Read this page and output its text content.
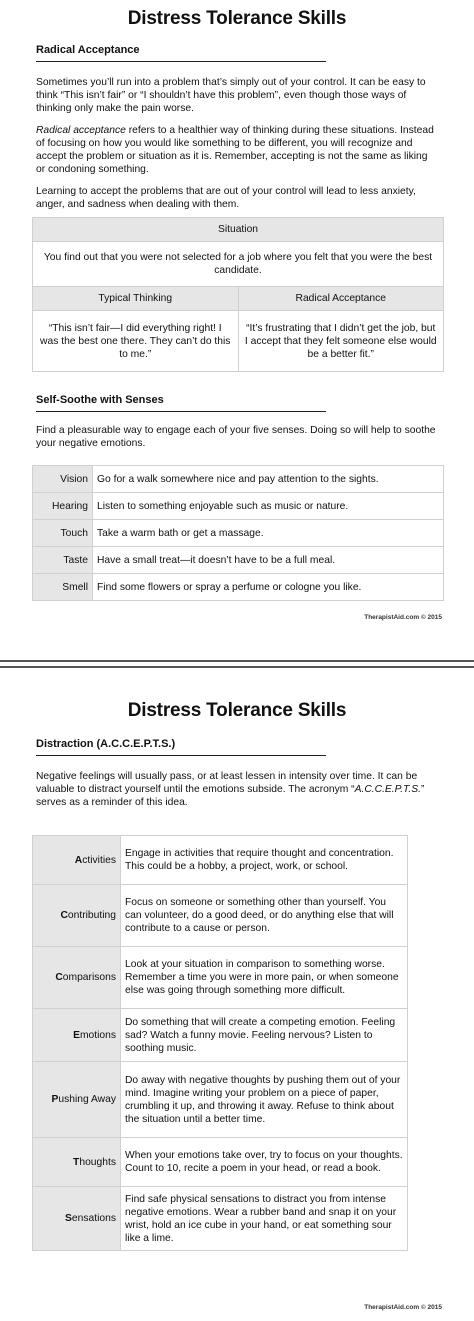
Distress Tolerance Skills
Radical Acceptance

Sometimes you’ll run into a problem that’s simply out of your control. It can be easy to think “This isn’t fair” or “I shouldn’t have this problem”, even though those ways of thinking only make the pain worse.

Radical acceptance refers to a healthier way of thinking during these situations. Instead of focusing on how you would like something to be different, you will recognize and accept the problem or situation as it is. Remember, accepting is not the same as liking or condoning something.

Learning to accept the problems that are out of your control will lead to less anxiety, anger, and sadness when dealing with them.

Situation	
You find out that you were not selected for a job where you felt that you were the best candidate.	
Typical Thinking	Radical Acceptance
“This isn’t fair—I did everything right! I was the best one there. They can’t do this to me.”	“It’s frustrating that I didn’t get the job, but I accept that they felt someone else would be a better fit.”
Self-Soothe with Senses

Find a pleasurable way to engage each of your five senses. Doing so will help to soothe your negative emotions.

Vision	Go for a walk somewhere nice and pay attention to the sights.
Hearing	Listen to something enjoyable such as music or nature.
Touch	Take a warm bath or get a massage.
Taste	Have a small treat—it doesn’t have to be a full meal.
Smell	Find some flowers or spray a perfume or cologne you like.
TherapistAid.com © 2015
Distress Tolerance Skills
Distraction (A.C.C.E.P.T.S.)

Negative feelings will usually pass, or at least lessen in intensity over time. It can be valuable to distract yourself until the emotions subside. The acronym “A.C.C.E.P.T.S.” serves as a reminder of this idea.

Activities	Engage in activities that require thought and concentration. This could be a hobby, a project, work, or school.
Contributing	Focus on someone or something other than yourself. You can volunteer, do a good deed, or do anything else that will contribute to a cause or person.
Comparisons	Look at your situation in comparison to something worse. Remember a time you were in more pain, or when someone else was going through something more difficult.
Emotions	Do something that will create a competing emotion. Feeling sad? Watch a funny movie. Feeling nervous? Listen to soothing music.
Pushing Away	Do away with negative thoughts by pushing them out of your mind. Imagine writing your problem on a piece of paper, crumbling it up, and throwing it away. Refuse to think about the situation until a better time.
Thoughts	When your emotions take over, try to focus on your thoughts. Count to 10, recite a poem in your head, or read a book.
Sensations	Find safe physical sensations to distract you from intense negative emotions. Wear a rubber band and snap it on your wrist, hold an ice cube in your hand, or eat something sour like a lime.
TherapistAid.com © 2015
